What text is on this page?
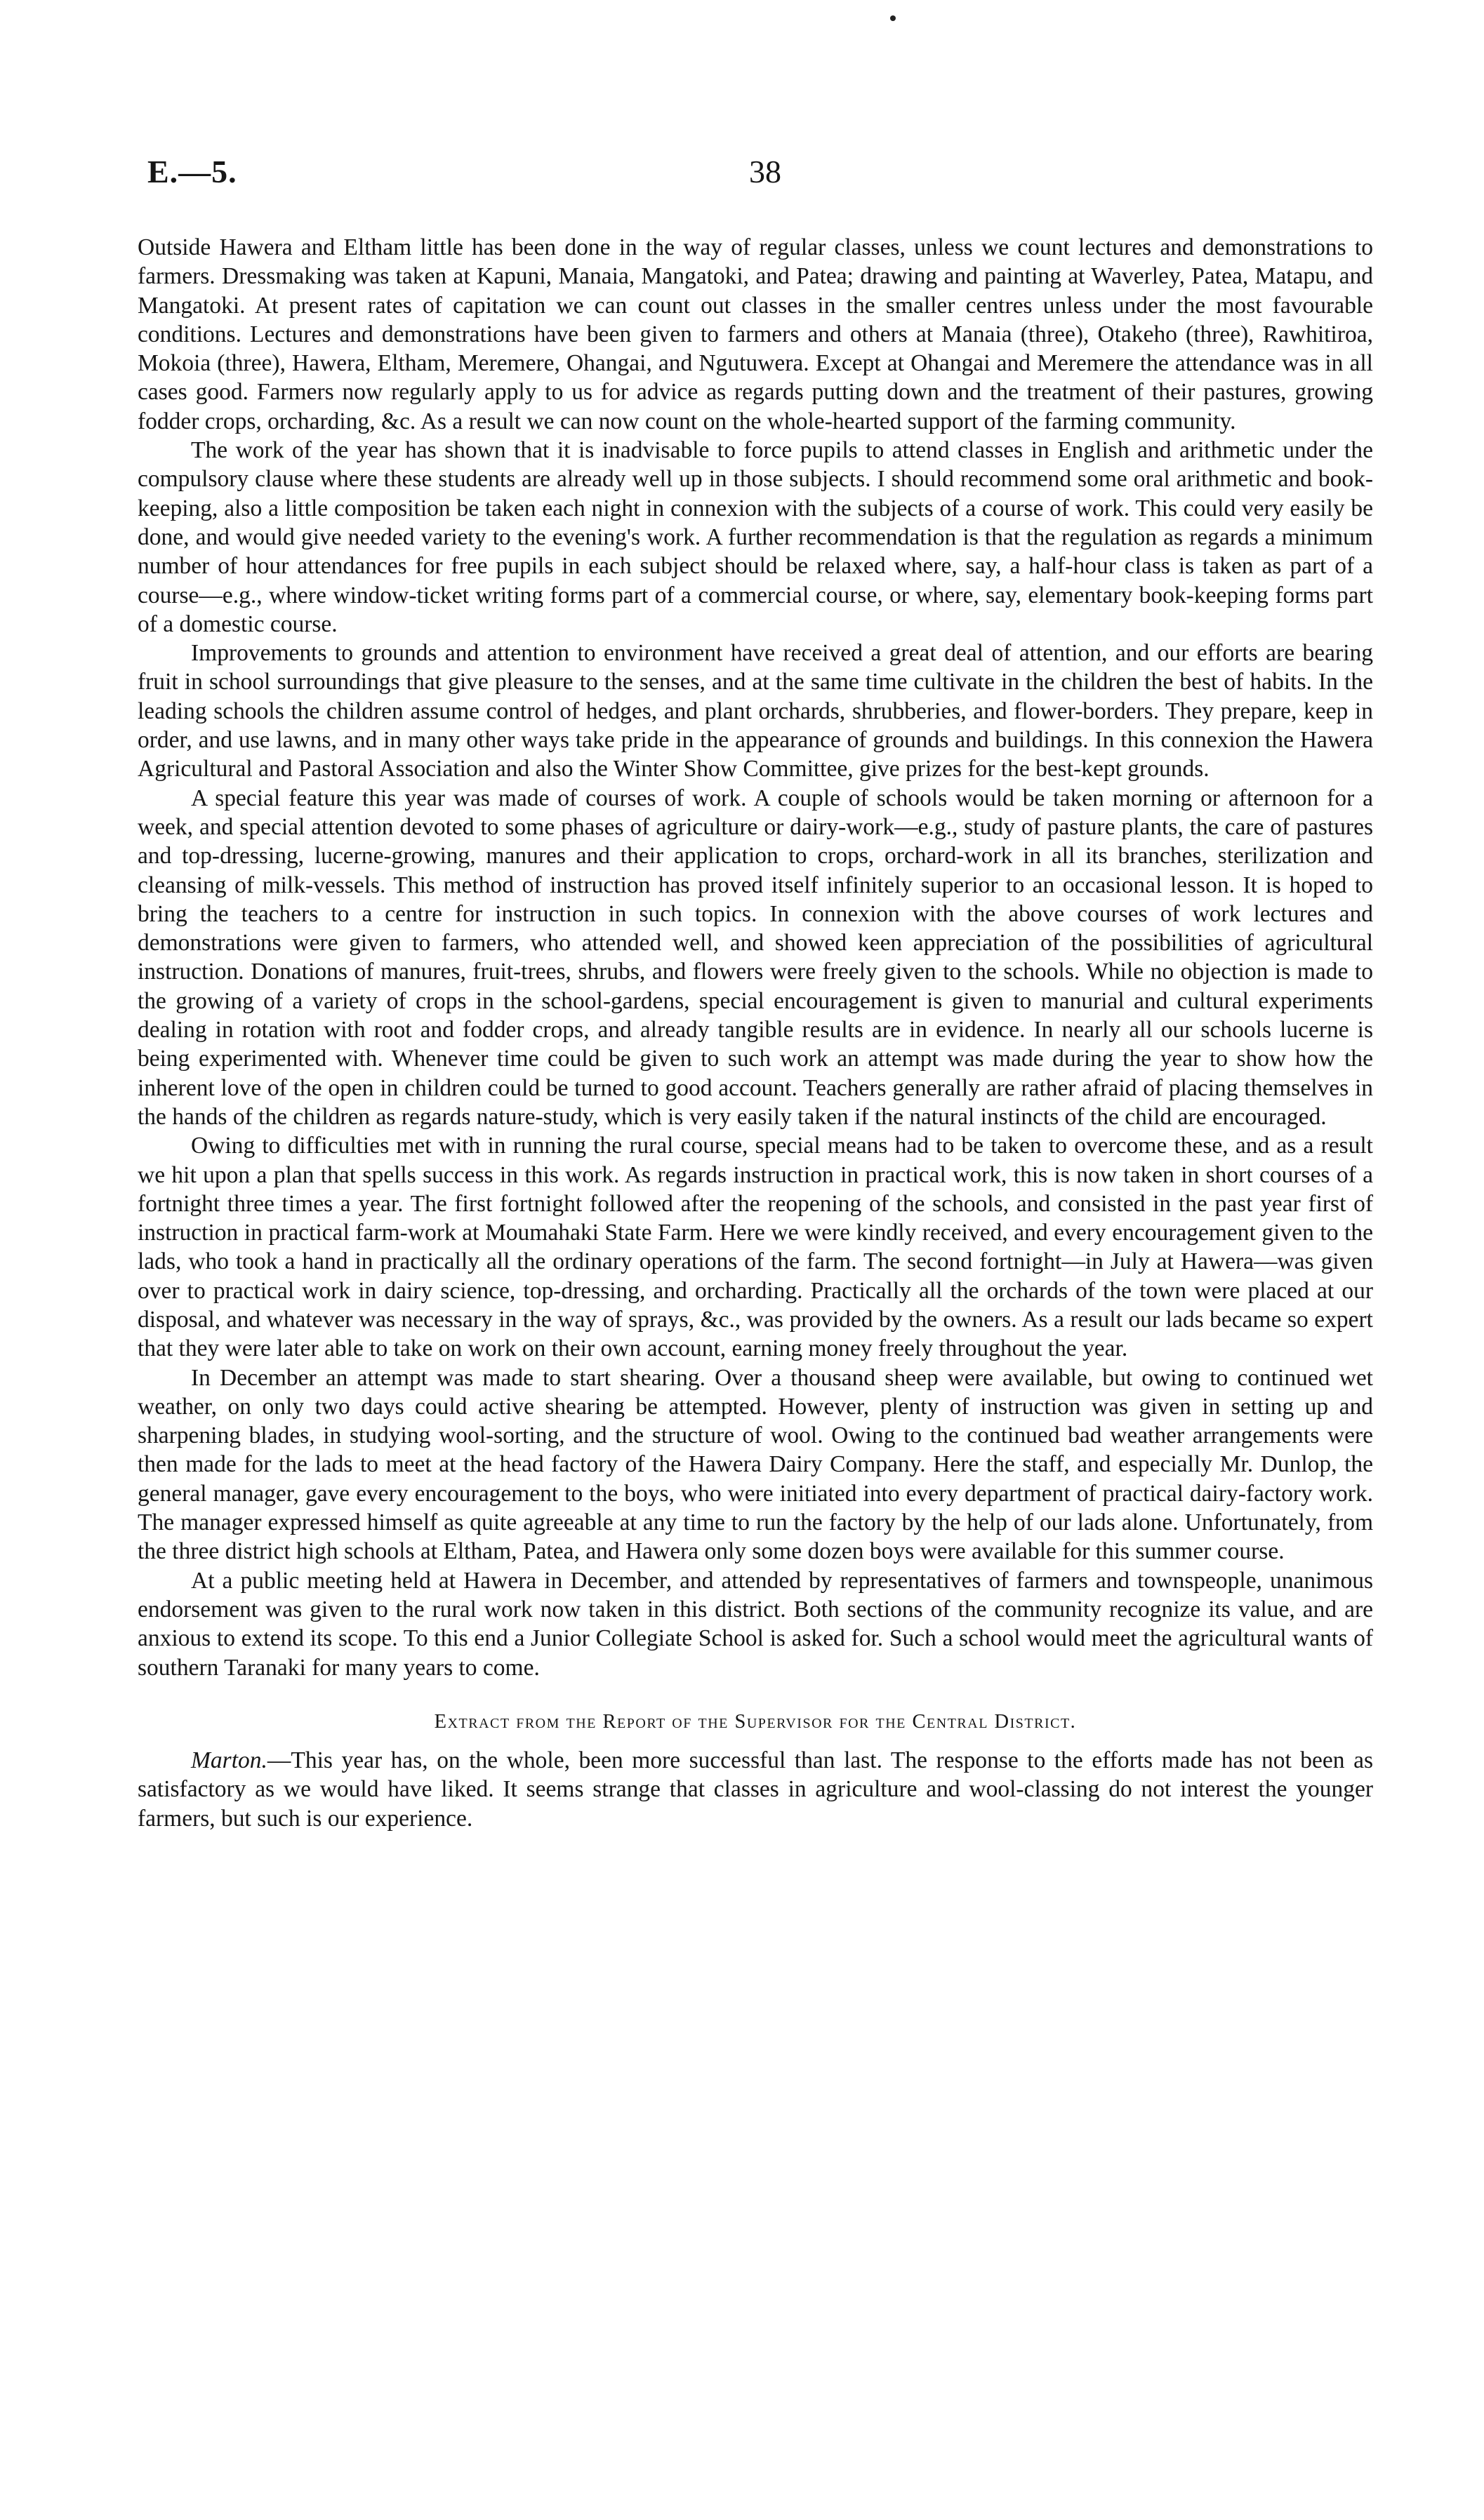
E.—5.	38

Outside Hawera and Eltham little has been done in the way of regular classes, unless we count lectures and demonstrations to farmers. Dressmaking was taken at Kapuni, Manaia, Mangatoki, and Patea; drawing and painting at Waverley, Patea, Matapu, and Mangatoki. At present rates of capitation we can count out classes in the smaller centres unless under the most favourable conditions. Lectures and demonstrations have been given to farmers and others at Manaia (three), Otakeho (three), Rawhitiroa, Mokoia (three), Hawera, Eltham, Meremere, Ohangai, and Ngutuwera. Except at Ohangai and Meremere the attendance was in all cases good. Farmers now regularly apply to us for advice as regards putting down and the treatment of their pastures, growing fodder crops, orcharding, &c. As a result we can now count on the whole-hearted support of the farming community.

The work of the year has shown that it is inadvisable to force pupils to attend classes in English and arithmetic under the compulsory clause where these students are already well up in those subjects. I should recommend some oral arithmetic and book-keeping, also a little composition be taken each night in connexion with the subjects of a course of work. This could very easily be done, and would give needed variety to the evening's work. A further recommendation is that the regulation as regards a minimum number of hour attendances for free pupils in each subject should be relaxed where, say, a half-hour class is taken as part of a course—e.g., where window-ticket writing forms part of a commercial course, or where, say, elementary book-keeping forms part of a domestic course.

Improvements to grounds and attention to environment have received a great deal of attention, and our efforts are bearing fruit in school surroundings that give pleasure to the senses, and at the same time cultivate in the children the best of habits. In the leading schools the children assume control of hedges, and plant orchards, shrubberies, and flower-borders. They prepare, keep in order, and use lawns, and in many other ways take pride in the appearance of grounds and buildings. In this connexion the Hawera Agricultural and Pastoral Association and also the Winter Show Committee, give prizes for the best-kept grounds.

A special feature this year was made of courses of work. A couple of schools would be taken morning or afternoon for a week, and special attention devoted to some phases of agriculture or dairy-work—e.g., study of pasture plants, the care of pastures and top-dressing, lucerne-growing, manures and their application to crops, orchard-work in all its branches, sterilization and cleansing of milk-vessels. This method of instruction has proved itself infinitely superior to an occasional lesson. It is hoped to bring the teachers to a centre for instruction in such topics. In connexion with the above courses of work lectures and demonstrations were given to farmers, who attended well, and showed keen appreciation of the possibilities of agricultural instruction. Donations of manures, fruit-trees, shrubs, and flowers were freely given to the schools. While no objection is made to the growing of a variety of crops in the school-gardens, special encouragement is given to manurial and cultural experiments dealing in rotation with root and fodder crops, and already tangible results are in evidence. In nearly all our schools lucerne is being experimented with. Whenever time could be given to such work an attempt was made during the year to show how the inherent love of the open in children could be turned to good account. Teachers generally are rather afraid of placing themselves in the hands of the children as regards nature-study, which is very easily taken if the natural instincts of the child are encouraged.

Owing to difficulties met with in running the rural course, special means had to be taken to overcome these, and as a result we hit upon a plan that spells success in this work. As regards instruction in practical work, this is now taken in short courses of a fortnight three times a year. The first fortnight followed after the reopening of the schools, and consisted in the past year first of instruction in practical farm-work at Moumahaki State Farm. Here we were kindly received, and every encouragement given to the lads, who took a hand in practically all the ordinary operations of the farm. The second fortnight—in July at Hawera—was given over to practical work in dairy science, top-dressing, and orcharding. Practically all the orchards of the town were placed at our disposal, and whatever was necessary in the way of sprays, &c., was provided by the owners. As a result our lads became so expert that they were later able to take on work on their own account, earning money freely throughout the year.

In December an attempt was made to start shearing. Over a thousand sheep were available, but owing to continued wet weather, on only two days could active shearing be attempted. However, plenty of instruction was given in setting up and sharpening blades, in studying wool-sorting, and the structure of wool. Owing to the continued bad weather arrangements were then made for the lads to meet at the head factory of the Hawera Dairy Company. Here the staff, and especially Mr. Dunlop, the general manager, gave every encouragement to the boys, who were initiated into every department of practical dairy-factory work. The manager expressed himself as quite agreeable at any time to run the factory by the help of our lads alone. Unfortunately, from the three district high schools at Eltham, Patea, and Hawera only some dozen boys were available for this summer course.

At a public meeting held at Hawera in December, and attended by representatives of farmers and townspeople, unanimous endorsement was given to the rural work now taken in this district. Both sections of the community recognize its value, and are anxious to extend its scope. To this end a Junior Collegiate School is asked for. Such a school would meet the agricultural wants of southern Taranaki for many years to come.

Extract from the Report of the Supervisor for the Central District.

Marton.—This year has, on the whole, been more successful than last. The response to the efforts made has not been as satisfactory as we would have liked. It seems strange that classes in agriculture and wool-classing do not interest the younger farmers, but such is our experience.
